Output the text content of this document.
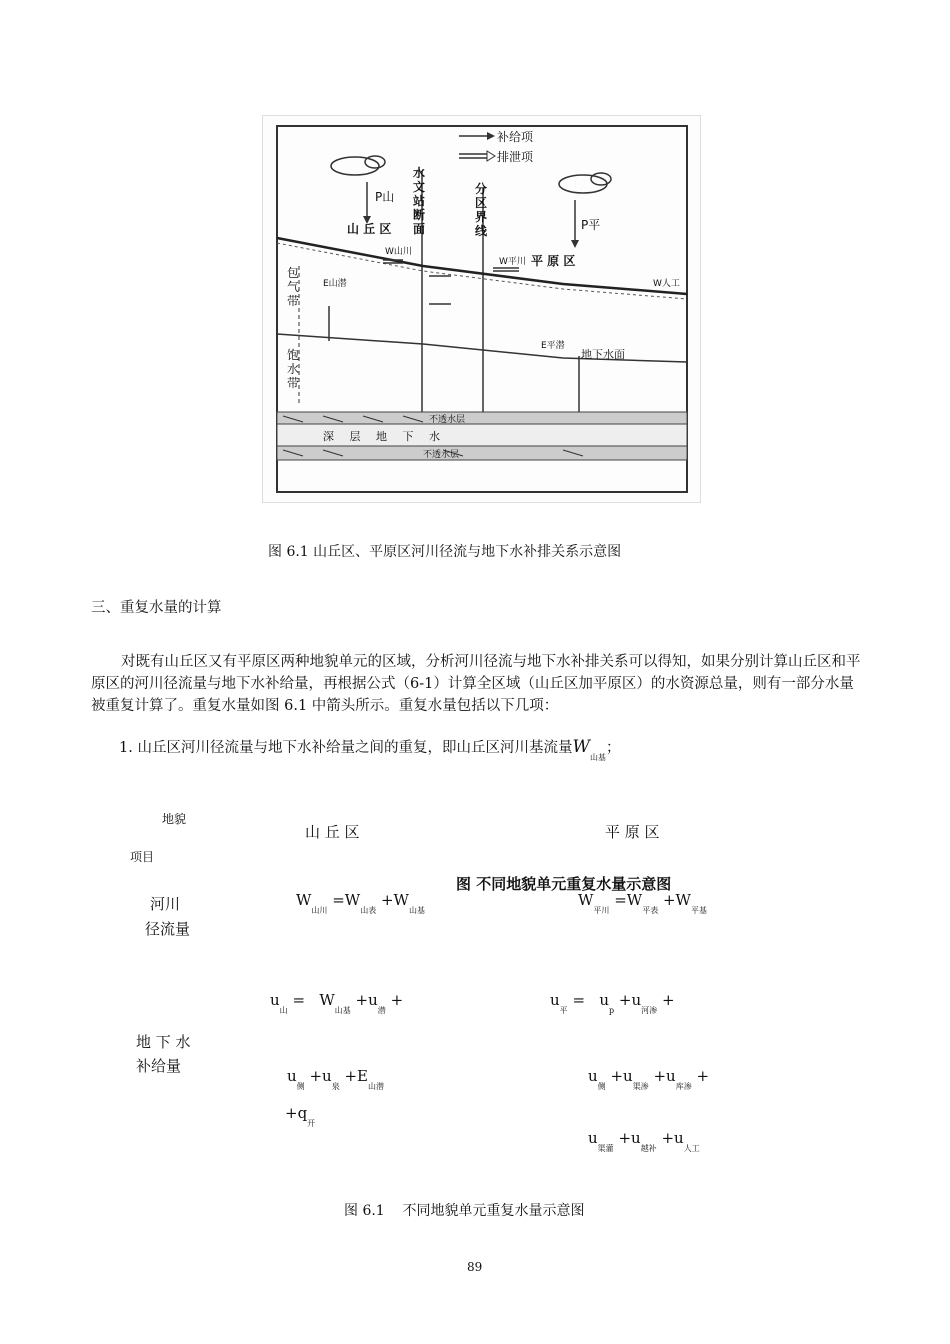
补给项
排泄项
P山
P平
山 丘 区
水文站断面
分区界线
平 原 区
W山川
W平川
W人工
E山潜
E平潜
包气带
饱水带
地下水面
不透水层
深 层 地 下 水
不透水层
图 6.1 山丘区、平原区河川径流与地下水补排关系示意图
三、重复水量的计算
对既有山丘区又有平原区两种地貌单元的区域，分析河川径流与地下水补排关系可以得知，如果分别计算山丘区和平原区的河川径流量与地下水补给量，再根据公式（6-1）计算全区域（山丘区加平原区）的水资源总量，则有一部分水量被重复计算了。重复水量如图 6.1 中箭头所示。重复水量包括以下几项：
1. 山丘区河川径流量与地下水补给量之间的重复，即山丘区河川基流量$W_{山基}$；
地貌
项目
山 丘 区	平 原 区
图 不同地貌单元重复水量示意图
河川
径流量
$W_{山川} =W_{山表} +W_{山基}$
$W_{平川} =W_{平表} +W_{平基}$
地 下 水
补给量
$u_山 = W_{山基} +u_潜$ +
$u_侧 +u_泉 +E_{山潜}$
$+q_开$
$u_平 = u_p +u_{河渗}$ +
$u_侧 +u_{渠渗} +u_{库渗}$ +
$u_{渠灌} +u_{越补} +u_{人工}$
图 6.1    不同地貌单元重复水量示意图
89
